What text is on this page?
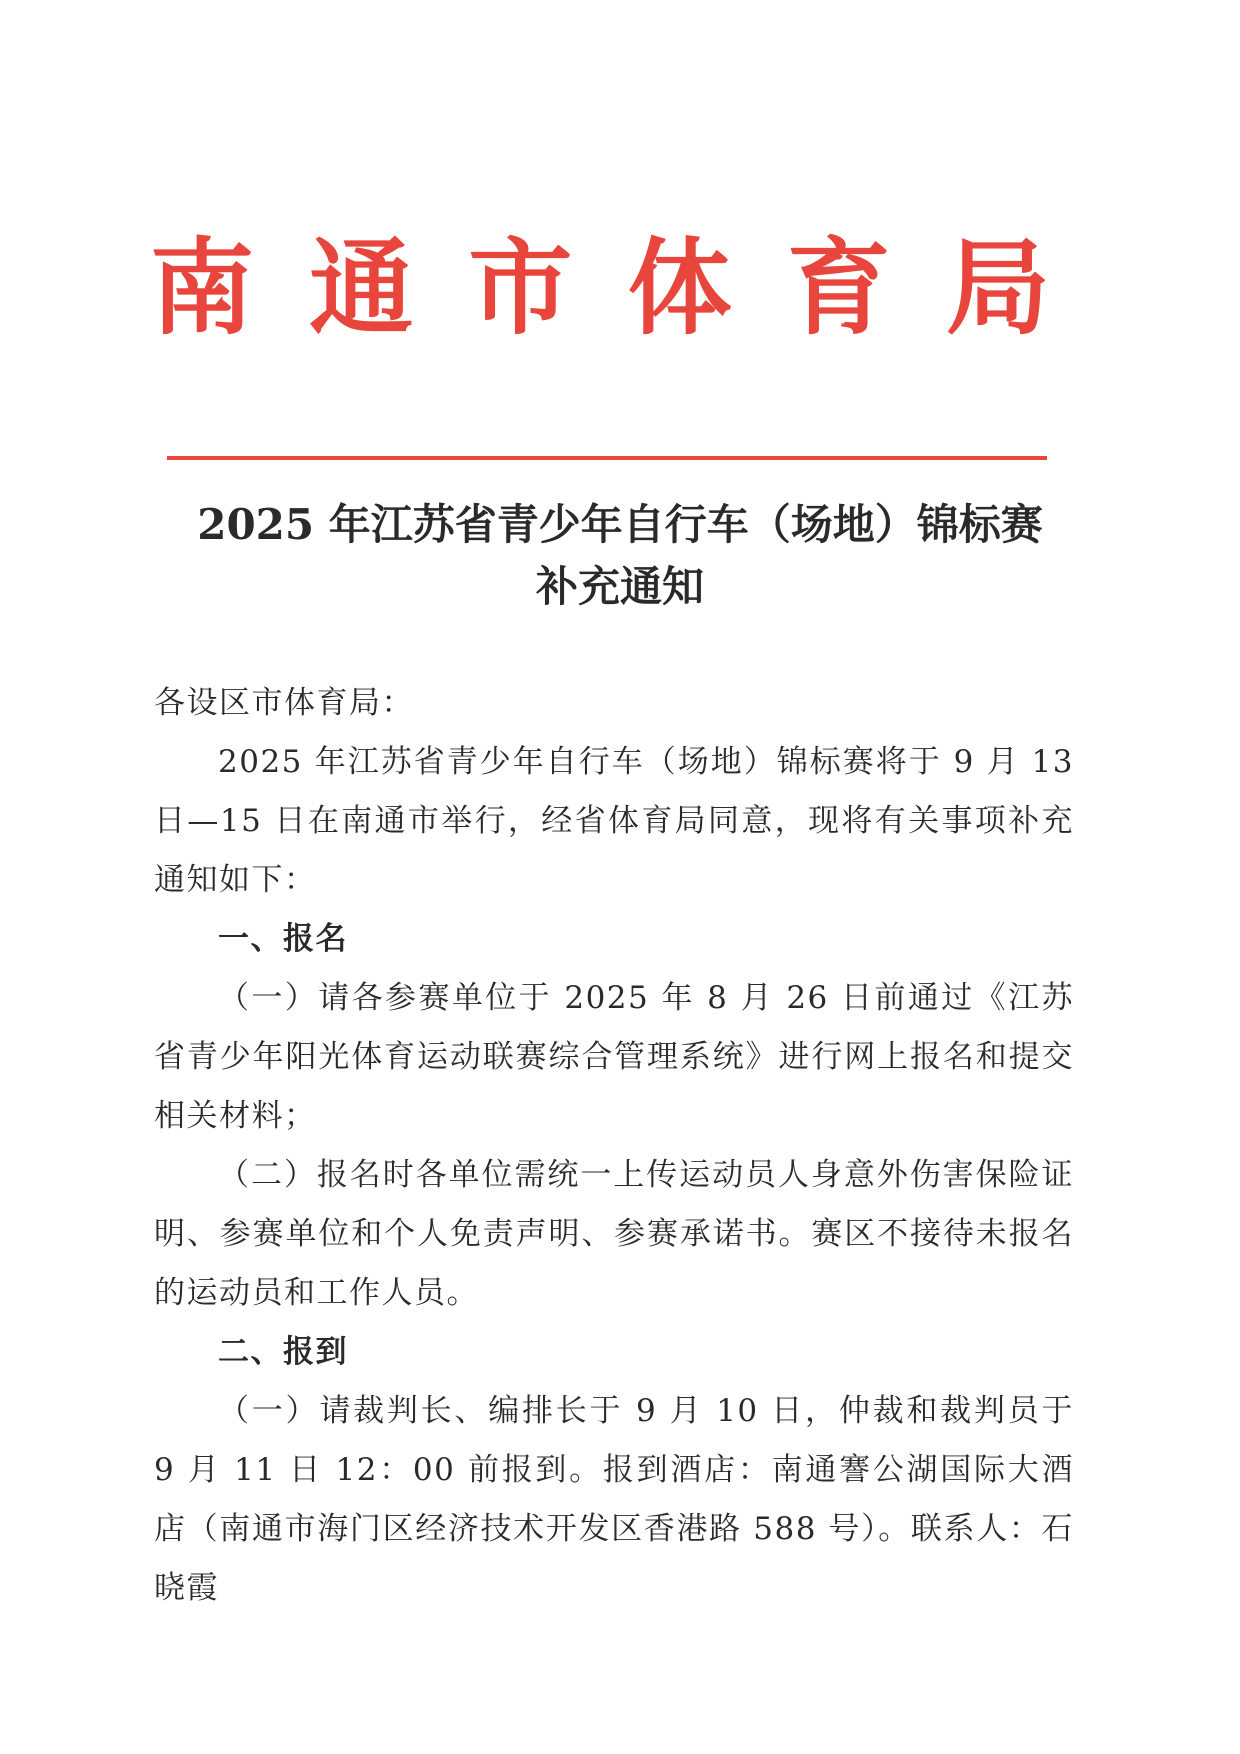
南 通 市 体 育 局
2025 年江苏省青少年自行车（场地）锦标赛
补充通知

各设区市体育局：

2025 年江苏省青少年自行车（场地）锦标赛将于 9 月 13 日—15 日在南通市举行，经省体育局同意，现将有关事项补充通知如下：

一、报名

（一）请各参赛单位于 2025 年 8 月 26 日前通过《江苏省青少年阳光体育运动联赛综合管理系统》进行网上报名和提交相关材料；

（二）报名时各单位需统一上传运动员人身意外伤害保险证明、参赛单位和个人免责声明、参赛承诺书。赛区不接待未报名的运动员和工作人员。

二、报到

（一）请裁判长、编排长于 9 月 10 日，仲裁和裁判员于 9 月 11 日 12：00 前报到。报到酒店：南通謇公湖国际大酒店（南通市海门区经济技术开发区香港路 588 号）。联系人：石晓霞
